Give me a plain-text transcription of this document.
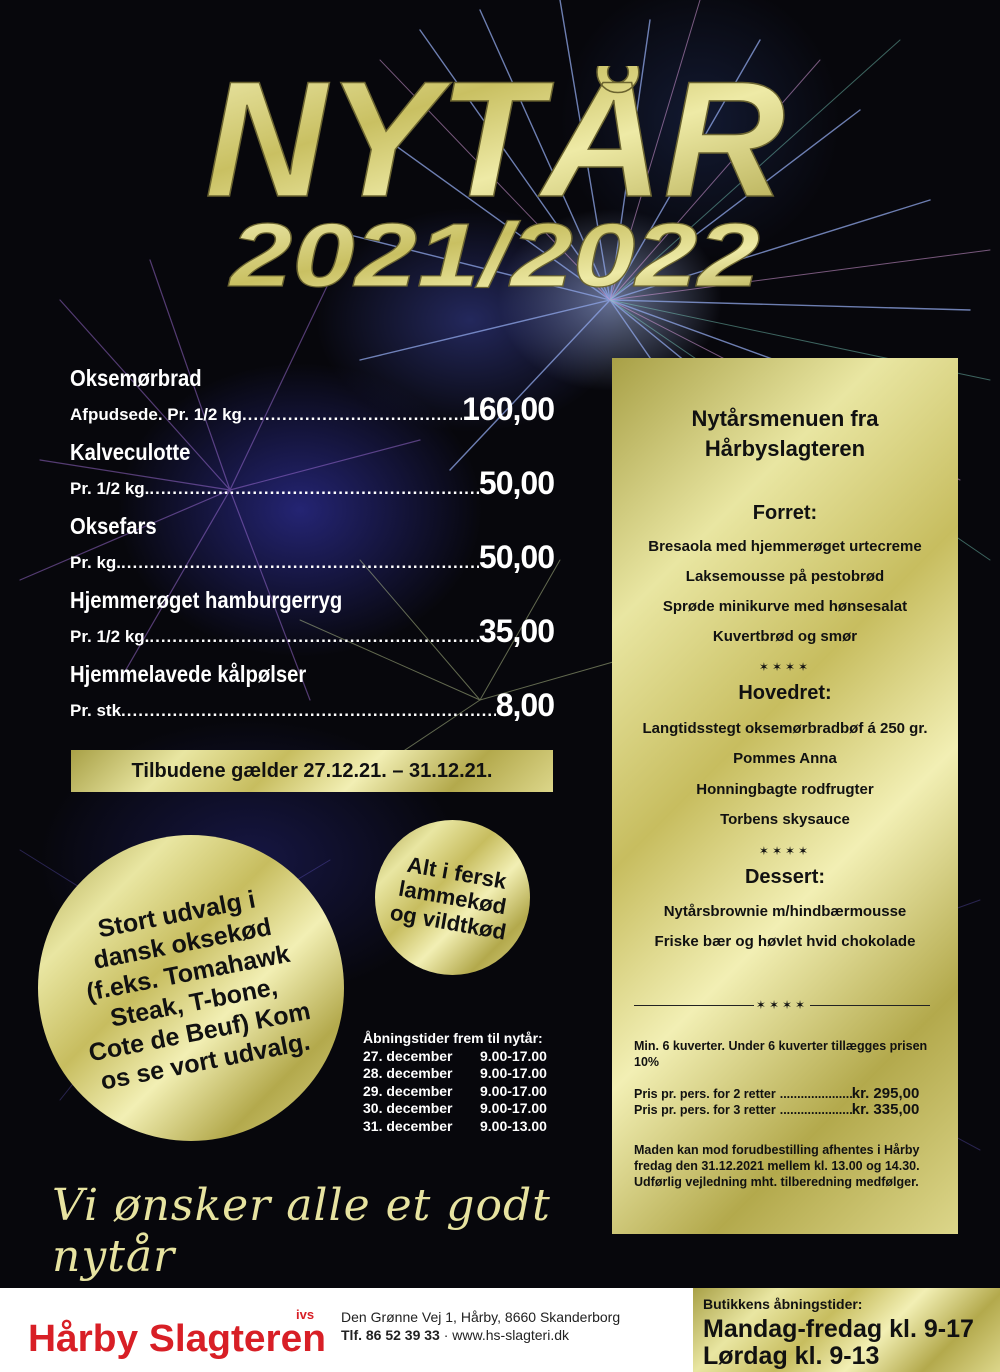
NYTÅR
2021/2022
Oksemørbrad
Afpudsede. Pr. 1/2 kg .....	160,00
Kalveculotte
Pr. 1/2 kg. .....	50,00
Oksefars
Pr. kg. .....	50,00
Hjemmerøget hamburgerryg
Pr. 1/2 kg. .....	35,00
Hjemmelavede kålpølser
Pr. stk .....	8,00
Tilbudene gælder 27.12.21. – 31.12.21.
Stort udvalg i dansk oksekød (f.eks. Tomahawk Steak, T-bone, Cote de Beuf) Kom os se vort udvalg.
Alt i fersk lammekød og vildtkød
Åbningstider frem til nytår:
27. december	9.00-17.00
28. december	9.00-17.00
29. december	9.00-17.00
30. december	9.00-17.00
31. december	9.00-13.00
Vi ønsker alle et godt nytår
Nytårsmenuen fra
Hårbyslagteren
Forret:
Bresaola med hjemmerøget urtecreme
Laksemousse på pestobrød
Sprøde minikurve med hønsesalat
Kuvertbrød og smør
✶✶✶✶
Hovedret:
Langtidsstegt oksemørbradbøf á 250 gr.
Pommes Anna
Honningbagte rodfrugter
Torbens skysauce
✶✶✶✶
Dessert:
Nytårsbrownie m/hindbærmousse
Friske bær og høvlet hvid chokolade
✶✶✶✶
Min. 6 kuverter. Under 6 kuverter tillægges prisen 10%
Pris pr. pers. for 2 retter .....	kr. 295,00
Pris pr. pers. for 3 retter .....	kr. 335,00
Maden kan mod forudbestilling afhentes i Hårby fredag den 31.12.2021 mellem kl. 13.00 og 14.30. Udførlig vejledning mht. tilberedning medfølger.
Hårby Slagteren
ivs Den Grønne Vej 1, Hårby, 8660 Skanderborg
Tlf. 86 52 39 33 · www.hs-slagteri.dk
Butikkens åbningstider:
Mandag-fredag kl. 9-17
Lørdag kl. 9-13
